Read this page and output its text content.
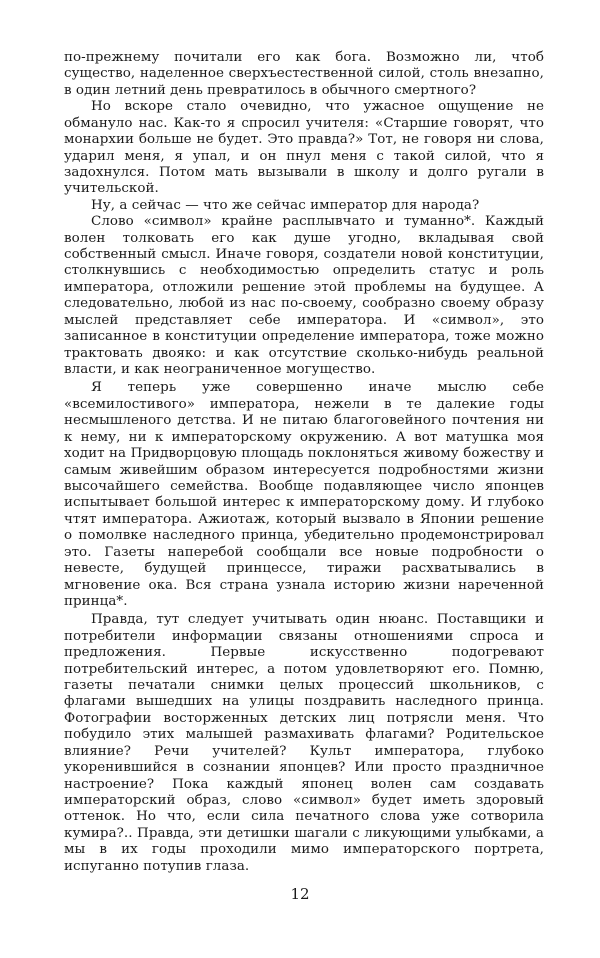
по-прежнему почитали его как бога. Возможно ли, чтоб существо, наделенное сверхъестественной силой, столь внезапно, в один летний день превратилось в обычного смертного?

Но вскоре стало очевидно, что ужасное ощущение не обмануло нас. Как-то я спросил учителя: «Старшие говорят, что монархии больше не будет. Это правда?» Тот, не говоря ни слова, ударил меня, я упал, и он пнул меня с такой силой, что я задохнулся. Потом мать вызывали в школу и долго ругали в учительской.

Ну, а сейчас — что же сейчас император для народа?

Слово «символ» крайне расплывчато и туманно*. Каждый волен толковать его как душе угодно, вкладывая свой собственный смысл. Иначе говоря, создатели новой конституции, столкнувшись с необходимостью определить статус и роль императора, отложили решение этой проблемы на будущее. А следовательно, любой из нас по-своему, сообразно своему образу мыслей представляет себе императора. И «символ», это записанное в конституции определение императора, тоже можно трактовать двояко: и как отсутствие сколько-нибудь реальной власти, и как неограниченное могущество.

Я теперь уже совершенно иначе мыслю себе «всемилостивого» императора, нежели в те далекие годы несмышленого детства. И не питаю благоговейного почтения ни к нему, ни к императорскому окружению. А вот матушка моя ходит на Придворцовую площадь поклоняться живому божеству и самым живейшим образом интересуется подробностями жизни высочайшего семейства. Вообще подавляющее число японцев испытывает большой интерес к императорскому дому. И глубоко чтят императора. Ажиотаж, который вызвало в Японии решение о помолвке наследного принца, убедительно продемонстрировал это. Газеты наперебой сообщали все новые подробности о невесте, будущей принцессе, тиражи расхватывались в мгновение ока. Вся страна узнала историю жизни нареченной принца*.

Правда, тут следует учитывать один нюанс. Поставщики и потребители информации связаны отношениями спроса и предложения. Первые искусственно подогревают потребительский интерес, а потом удовлетворяют его. Помню, газеты печатали снимки целых процессий школьников, с флагами вышедших на улицы поздравить наследного принца. Фотографии восторженных детских лиц потрясли меня. Что побудило этих малышей размахивать флагами? Родительское влияние? Речи учителей? Культ императора, глубоко укоренившийся в сознании японцев? Или просто праздничное настроение? Пока каждый японец волен сам создавать императорский образ, слово «символ» будет иметь здоровый оттенок. Но что, если сила печатного слова уже сотворила кумира?.. Правда, эти детишки шагали с ликующими улыбками, а мы в их годы проходили мимо императорского портрета, испуганно потупив глаза.

12
